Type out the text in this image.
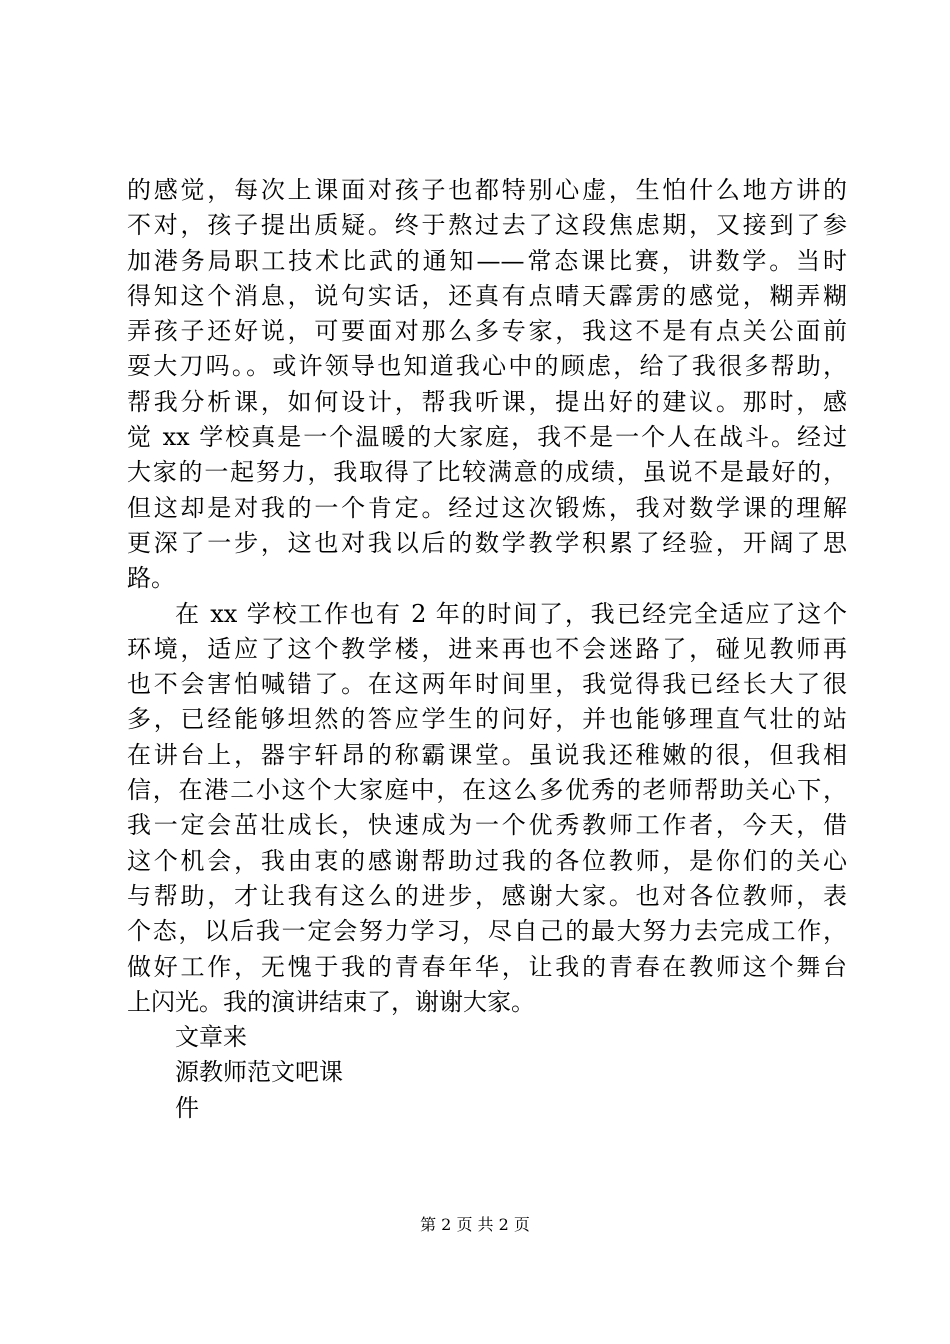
的感觉，每次上课面对孩子也都特别心虚，生怕什么地方讲的
不对，孩子提出质疑。终于熬过去了这段焦虑期，又接到了参
加港务局职工技术比武的通知——常态课比赛，讲数学。当时
得知这个消息，说句实话，还真有点晴天霹雳的感觉，糊弄糊
弄孩子还好说，可要面对那么多专家，我这不是有点关公面前
耍大刀吗。。或许领导也知道我心中的顾虑，给了我很多帮助，
帮我分析课，如何设计，帮我听课，提出好的建议。那时，感
觉 xx 学校真是一个温暖的大家庭，我不是一个人在战斗。经过
大家的一起努力，我取得了比较满意的成绩，虽说不是最好的，
但这却是对我的一个肯定。经过这次锻炼，我对数学课的理解
更深了一步，这也对我以后的数学教学积累了经验，开阔了思
路。
在 xx 学校工作也有 2 年的时间了，我已经完全适应了这个
环境，适应了这个教学楼，进来再也不会迷路了，碰见教师再
也不会害怕喊错了。在这两年时间里，我觉得我已经长大了很
多，已经能够坦然的答应学生的问好，并也能够理直气壮的站
在讲台上，器宇轩昂的称霸课堂。虽说我还稚嫩的很，但我相
信，在港二小这个大家庭中，在这么多优秀的老师帮助关心下，
我一定会茁壮成长，快速成为一个优秀教师工作者，今天，借
这个机会，我由衷的感谢帮助过我的各位教师，是你们的关心
与帮助，才让我有这么的进步，感谢大家。也对各位教师，表
个态，以后我一定会努力学习，尽自己的最大努力去完成工作，
做好工作，无愧于我的青春年华，让我的青春在教师这个舞台
上闪光。我的演讲结束了，谢谢大家。
文章来
源教师范文吧课
件
第 2 页 共 2 页
